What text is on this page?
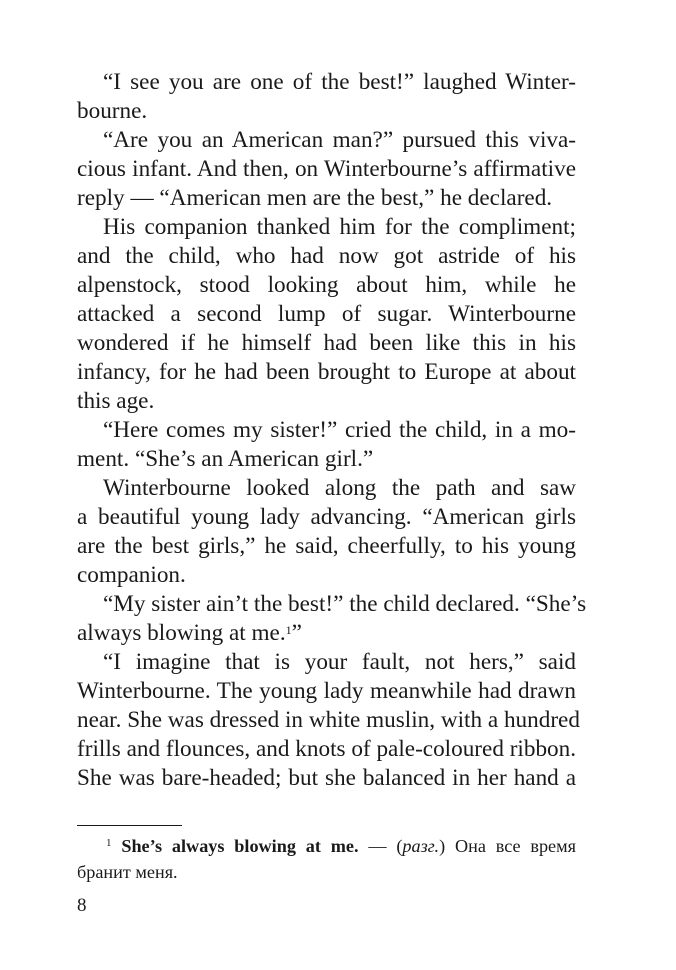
“I see you are one of the best!” laughed Winter-
bourne.
“Are you an American man?” pursued this viva-
cious infant. And then, on Winterbourne’s affirmative
reply — “American men are the best,” he declared.
His companion thanked him for the compliment;
and the child, who had now got astride of his
alpenstock, stood looking about him, while he
attacked a second lump of sugar. Winterbourne
wondered if he himself had been like this in his
infancy, for he had been brought to Europe at about
this age.
“Here comes my sister!” cried the child, in a mo-
ment. “She’s an American girl.”
Winterbourne looked along the path and saw
a beautiful young lady advancing. “American girls
are the best girls,” he said, cheerfully, to his young
companion.
“My sister ain’t the best!” the child declared. “She’s
always blowing at me.$^1$”
“I imagine that is your fault, not hers,” said
Winterbourne. The young lady meanwhile had drawn
near. She was dressed in white muslin, with a hundred
frills and flounces, and knots of pale-coloured ribbon.
She was bare-headed; but she balanced in her hand a
$^1$ She’s always blowing at me. — (разг.) Она все время
бранит меня.
8
